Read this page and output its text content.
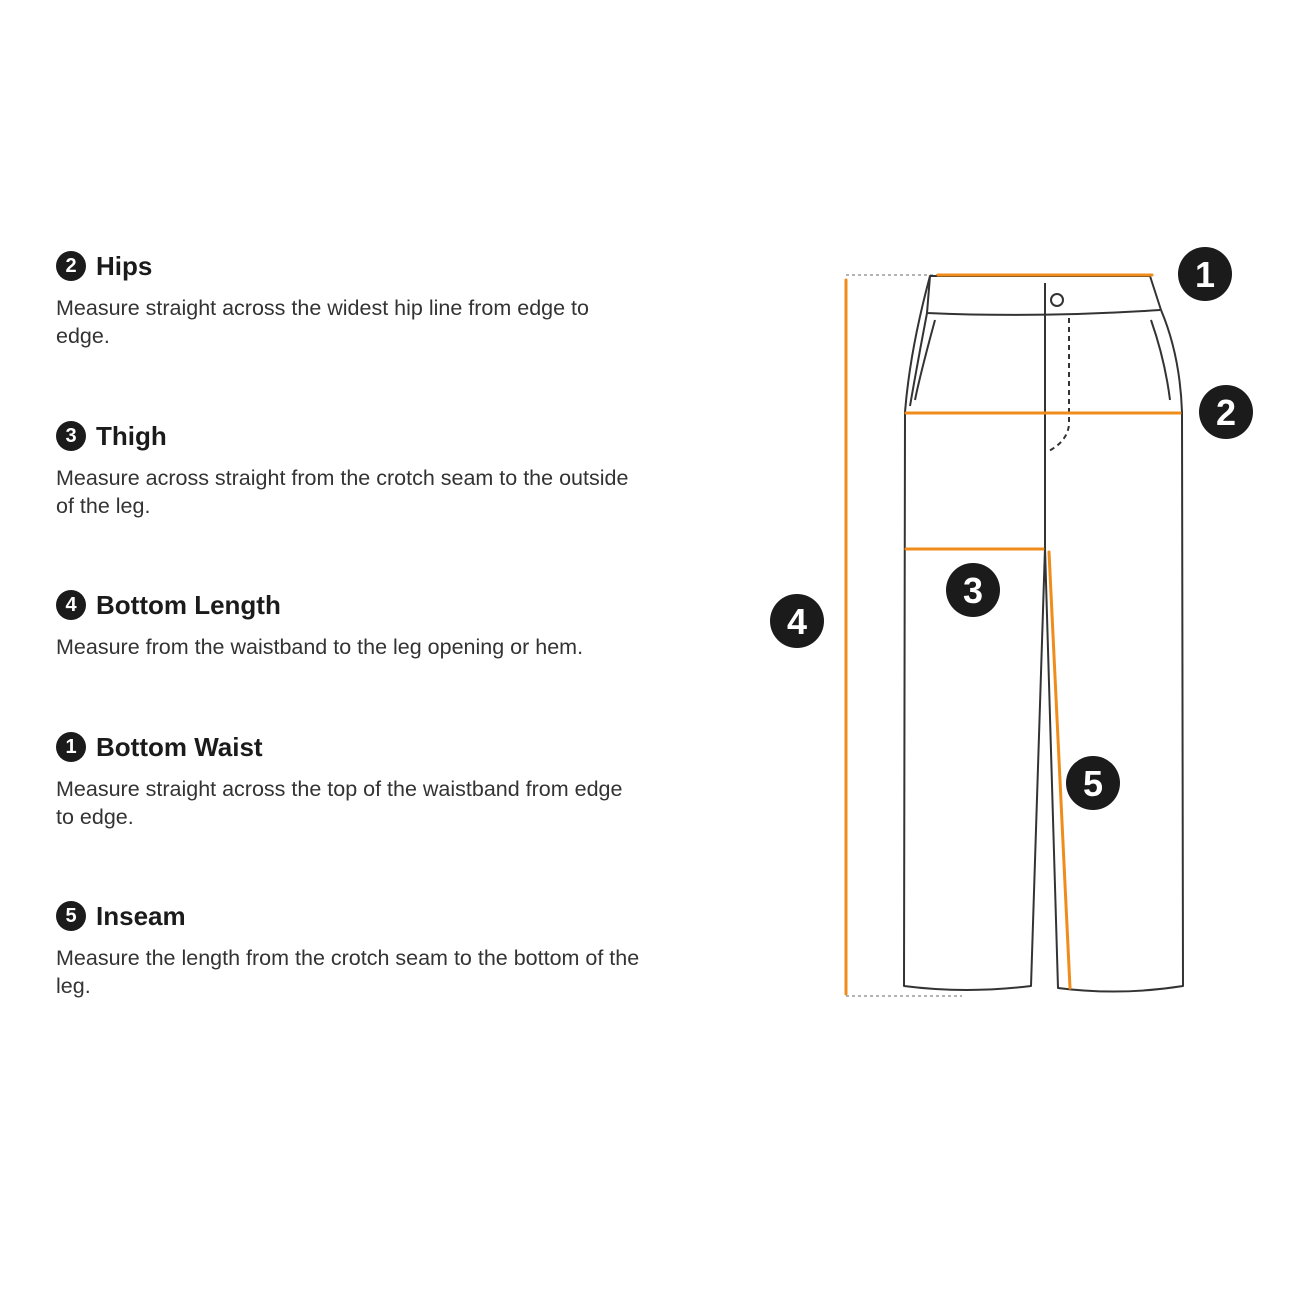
2 Hips
Measure straight across the widest hip line from edge to edge.
3 Thigh
Measure across straight from the crotch seam to the outside of the leg.
4 Bottom Length
Measure from the waistband to the leg opening or hem.
1 Bottom Waist
Measure straight across the top of the waistband from edge to edge.
5 Inseam
Measure the length from the crotch seam to the bottom of the leg.
1
2
3
4
5
